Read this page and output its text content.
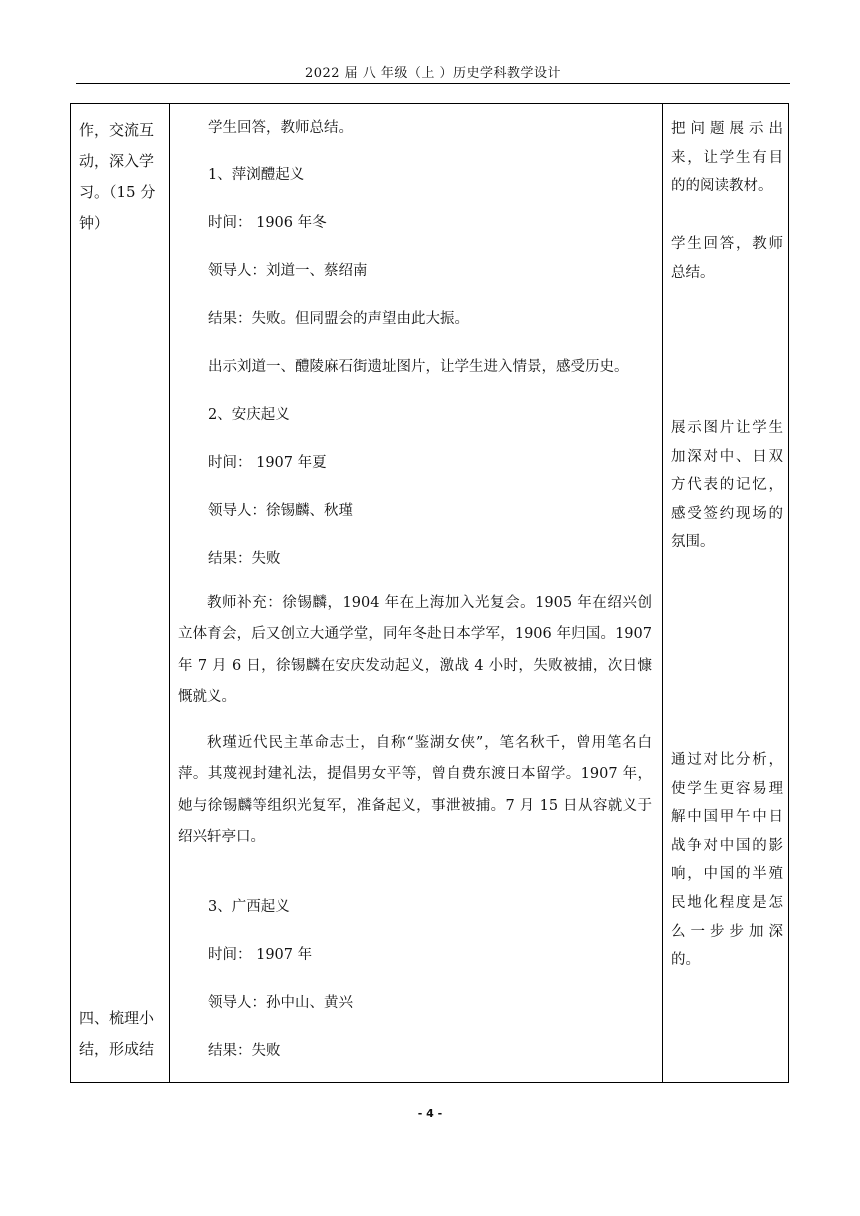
2022 届 八 年级（上 ）历史学科教学设计
作，交流互
动，深入学
习。（15 分
钟）
四、梳理小
结，形成结
学生回答，教师总结。
1、萍浏醴起义
时间： 1906 年冬
领导人：刘道一、蔡绍南
结果：失败。但同盟会的声望由此大振。
出示刘道一、醴陵麻石街遗址图片，让学生进入情景，感受历史。
2、安庆起义
时间： 1907 年夏
领导人：徐锡麟、秋瑾
结果：失败
教师补充：徐锡麟，1904 年在上海加入光复会。1905 年在绍兴创立体育会，后又创立大通学堂，同年冬赴日本学军，1906 年归国。1907 年 7 月 6 日，徐锡麟在安庆发动起义，激战 4 小时，失败被捕，次日慷慨就义。
秋瑾近代民主革命志士，自称“鉴湖女侠”，笔名秋千，曾用笔名白萍。其蔑视封建礼法，提倡男女平等，曾自费东渡日本留学。1907 年，她与徐锡麟等组织光复军，准备起义，事泄被捕。7 月 15 日从容就义于绍兴轩亭口。
3、广西起义
时间： 1907 年
领导人：孙中山、黄兴
结果：失败
把问题展示出
来，让学生有目
的的阅读教材。
学生回答，教师
总结。
展示图片让学生
加深对中、日双
方代表的记忆，
感受签约现场的
氛围。
通过对比分析，
使学生更容易理
解中国甲午中日
战争对中国的影
响，中国的半殖
民地化程度是怎
么一步步加深
的。
- 4 -
